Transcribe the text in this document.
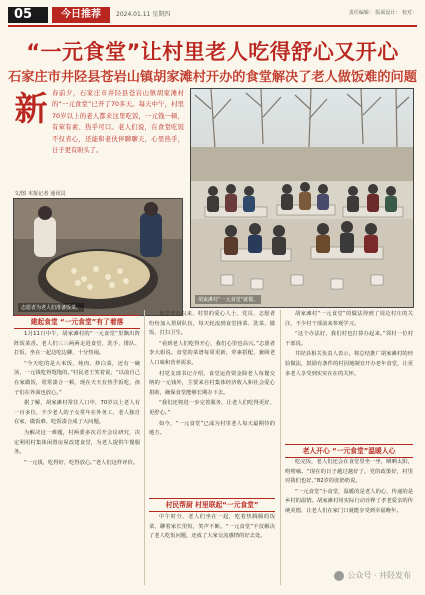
05	今日推荐	2024.01.11 星期四	责任编辑： 版面设计： 校对：
“一元食堂”让村里老人吃得舒心又开心
石家庄市井陉县苍岩山镇胡家滩村开办的食堂解决了老人做饭难的问题
新 春前夕，石家庄市井陉县苍岩山镇胡家滩村的“一元食堂”已开了70多天。每天中午，村里70岁以上的老人都来这里吃饭，一元钱一顿，有荤有素、热乎可口。老人们说，在食堂吃饭不仅省心，还能和老伙伴聊聊天，心里热乎，日子更有盼头了。
文/图 本报记者 通讯员
胡家滩村“一元食堂”就餐。
志愿者为老人们准备饭菜。
建起食堂 “一元食堂”有了着落
村民帮厨 村里联起“一元食堂”
老人开心 “一元食堂”温暖人心

1月11日中午，胡家滩村的“一元食堂”里飘出阵阵饭菜香。老人们三三两两走进食堂，洗手、排队、打饭，坐在一起边吃边聊，十分热闹。

“今天吃的是大米饭、炖肉、炒白菜，还有一碗汤，一元钱吃得饱饱的。”村民老王笑着说，“以前自己在家做饭，常常凑合一顿，现在天天有热乎饭吃，孩子们在外面也放心。”

据了解，胡家滩村常住人口中，70岁以上老人有一百多位，不少老人的子女常年在外务工，老人独自在家，做饭难、吃饭凑合成了大问题。

为解决这一难题，村两委多次召开会议研究，决定利用村集体闲置房屋改建食堂，为老人提供午餐服务。

“一元钱，吃得好，吃得放心。”老人们这样评价。

食堂开办以来，村里的爱心人士、党员、志愿者纷纷加入帮厨队伍，每天轮流到食堂择菜、洗菜、做饭、打扫卫生。

“看到老人们吃得开心，我们心里也高兴。”志愿者李大姐说。食堂的菜谱每周更新，荤素搭配，兼顾老人口味和营养需求。

村党支部书记介绍，食堂运营资金除老人每餐交纳的一元钱外，主要来自村集体经济收入和社会爱心捐助，确保食堂能够长期办下去。

“我们还将进一步完善服务，让老人们吃得更好、更舒心。”

如今，“一元食堂”已成为村里老人每天最期待的地方。

中午时分，老人们坐在一起，吃着热腾腾的饭菜，聊着家长里短，笑声不断。“一元食堂”不仅解决了老人吃饭问题，还成了大家交流感情的好去处。

胡家滩村“一元食堂”的做法得到了周边村庄的关注，不少村干部前来参观学习。

“这个办法好，我们村也打算办起来。”邻村一位村干部说。

井陉县相关负责人表示，将总结推广胡家滩村的经验做法，鼓励有条件的村因地制宜开办老年食堂，让更多老人享受到实实在在的关怀。

吃完饭，老人们还会在食堂里坐一坐，晒晒太阳，唠唠嗑。“现在的日子越过越好了，党的政策好，村里对我们也好。”82岁的张奶奶说。

“一元食堂”小食堂，温暖的是老人的心，传递的是乡村的温情。胡家滩村用实际行动诠释了孝老爱亲的传统美德，让老人们在家门口就能享受到幸福晚年。

公众号 · 井陉发布
